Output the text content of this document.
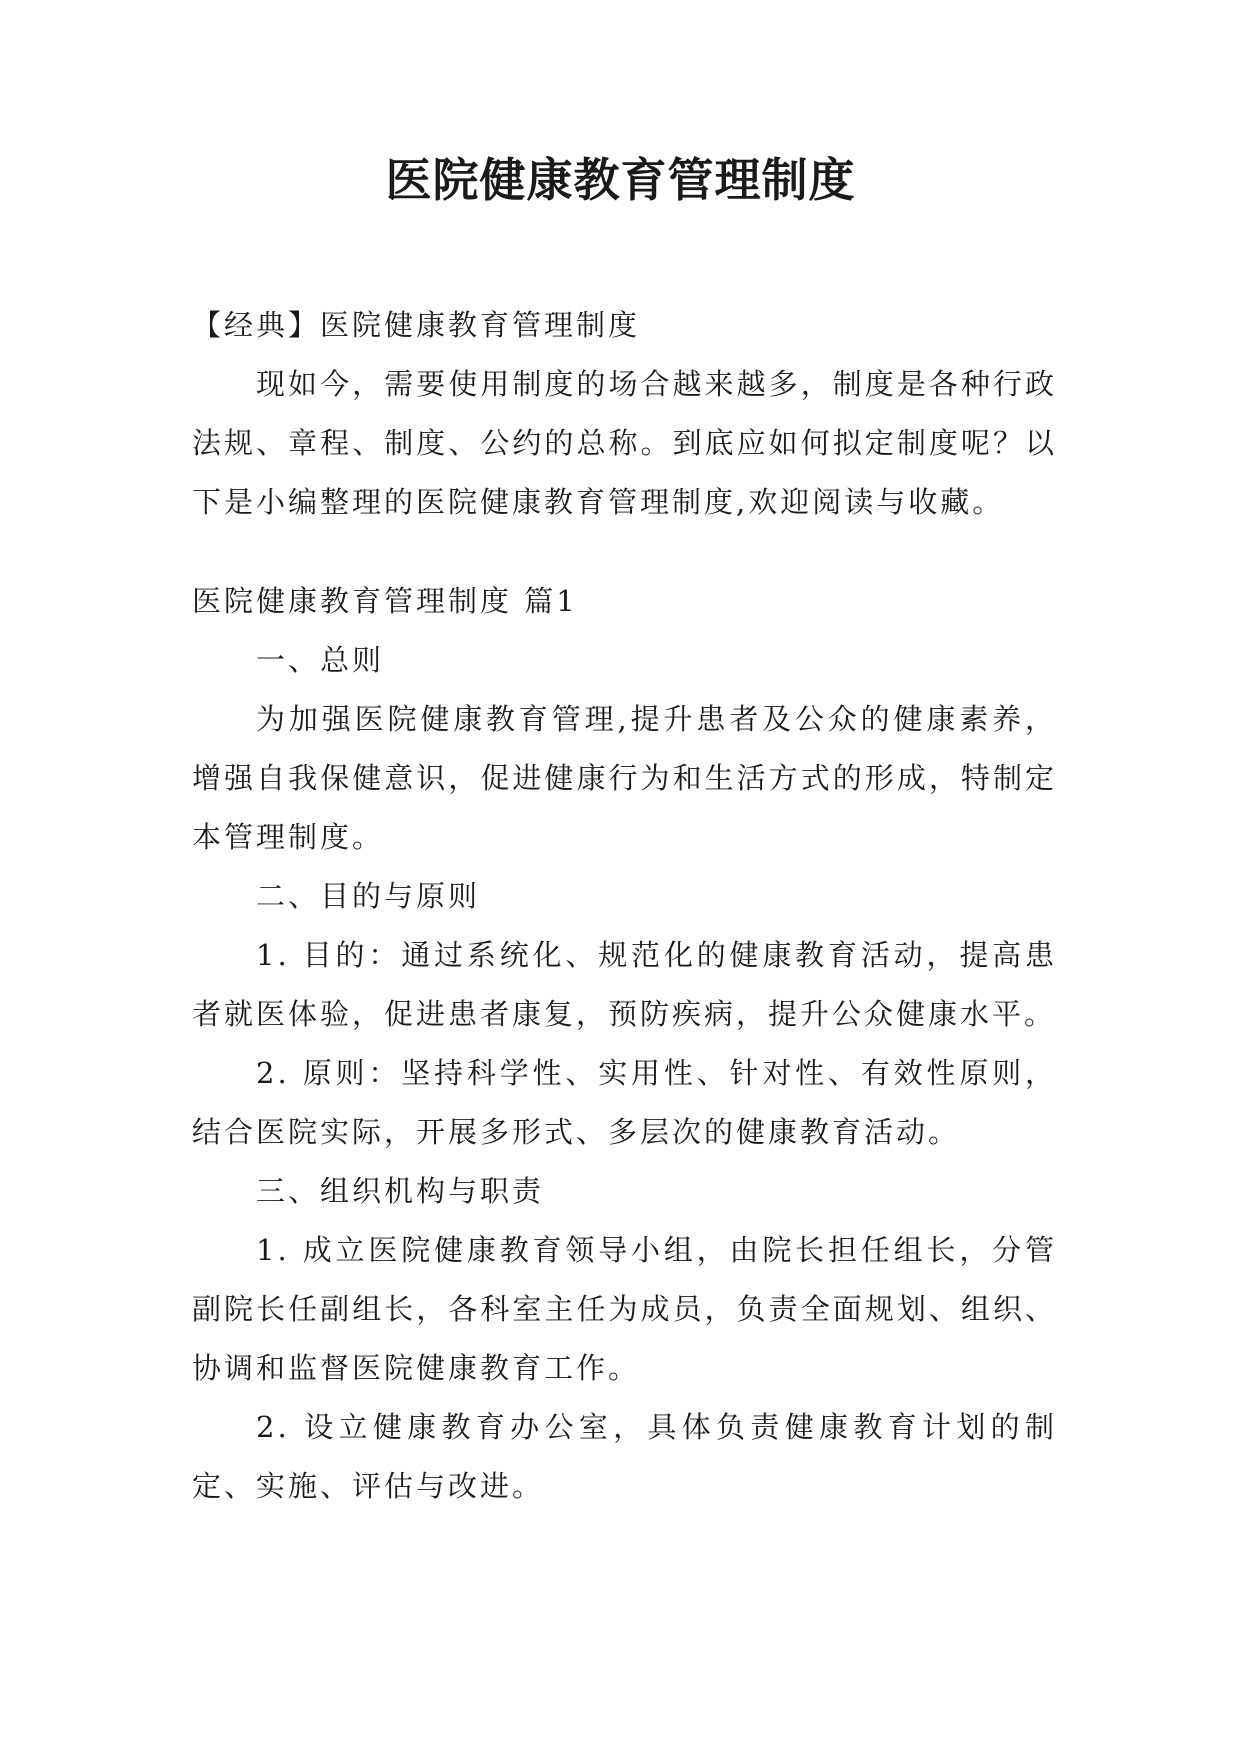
医院健康教育管理制度

【经典】医院健康教育管理制度

现如今，需要使用制度的场合越来越多，制度是各种行政法规、章程、制度、公约的总称。到底应如何拟定制度呢？以下是小编整理的医院健康教育管理制度,欢迎阅读与收藏。

医院健康教育管理制度 篇1

一、总则

为加强医院健康教育管理,提升患者及公众的健康素养，增强自我保健意识，促进健康行为和生活方式的形成，特制定本管理制度。

二、目的与原则

1. 目的：通过系统化、规范化的健康教育活动，提高患者就医体验，促进患者康复，预防疾病，提升公众健康水平。

2. 原则：坚持科学性、实用性、针对性、有效性原则，结合医院实际，开展多形式、多层次的健康教育活动。

三、组织机构与职责

1. 成立医院健康教育领导小组，由院长担任组长，分管副院长任副组长，各科室主任为成员，负责全面规划、组织、协调和监督医院健康教育工作。

2. 设立健康教育办公室，具体负责健康教育计划的制定、实施、评估与改进。
